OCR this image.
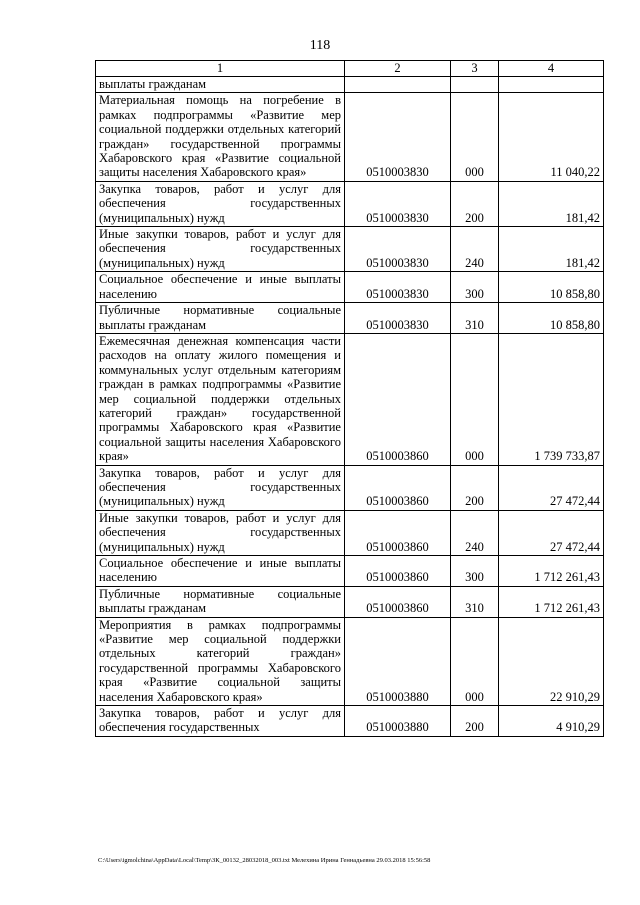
118
1	2	3	4
выплаты гражданам			
Материальная помощь на погребение в рамках подпрограммы «Развитие мер социальной поддержки отдельных категорий граждан» государственной программы Хабаровского края «Развитие социальной защиты населения Хабаровского края»	0510003830	000	11 040,22
Закупка товаров, работ и услуг для обеспечения государственных (муниципальных) нужд	0510003830	200	181,42
Иные закупки товаров, работ и услуг для обеспечения государственных (муниципальных) нужд	0510003830	240	181,42
Социальное обеспечение и иные выплаты населению	0510003830	300	10 858,80
Публичные нормативные социальные выплаты гражданам	0510003830	310	10 858,80
Ежемесячная денежная компенсация части расходов на оплату жилого помещения и коммунальных услуг отдельным категориям граждан в рамках подпрограммы «Развитие мер социальной поддержки отдельных категорий граждан» государственной программы Хабаровского края «Развитие социальной защиты населения Хабаровского края»	0510003860	000	1 739 733,87
Закупка товаров, работ и услуг для обеспечения государственных (муниципальных) нужд	0510003860	200	27 472,44
Иные закупки товаров, работ и услуг для обеспечения государственных (муниципальных) нужд	0510003860	240	27 472,44
Социальное обеспечение и иные выплаты населению	0510003860	300	1 712 261,43
Публичные нормативные социальные выплаты гражданам	0510003860	310	1 712 261,43
Мероприятия в рамках подпрограммы «Развитие мер социальной поддержки отдельных категорий граждан» государственной программы Хабаровского края «Развитие социальной защиты населения Хабаровского края»	0510003880	000	22 910,29
Закупка товаров, работ и услуг для обеспечения государственных	0510003880	200	4 910,29
C:\Users\igmolchina\AppData\Local\Temp\ЗК_00132_28032018_003.txt Мелехина Ирина Геннадьевна 29.03.2018 15:56:58
